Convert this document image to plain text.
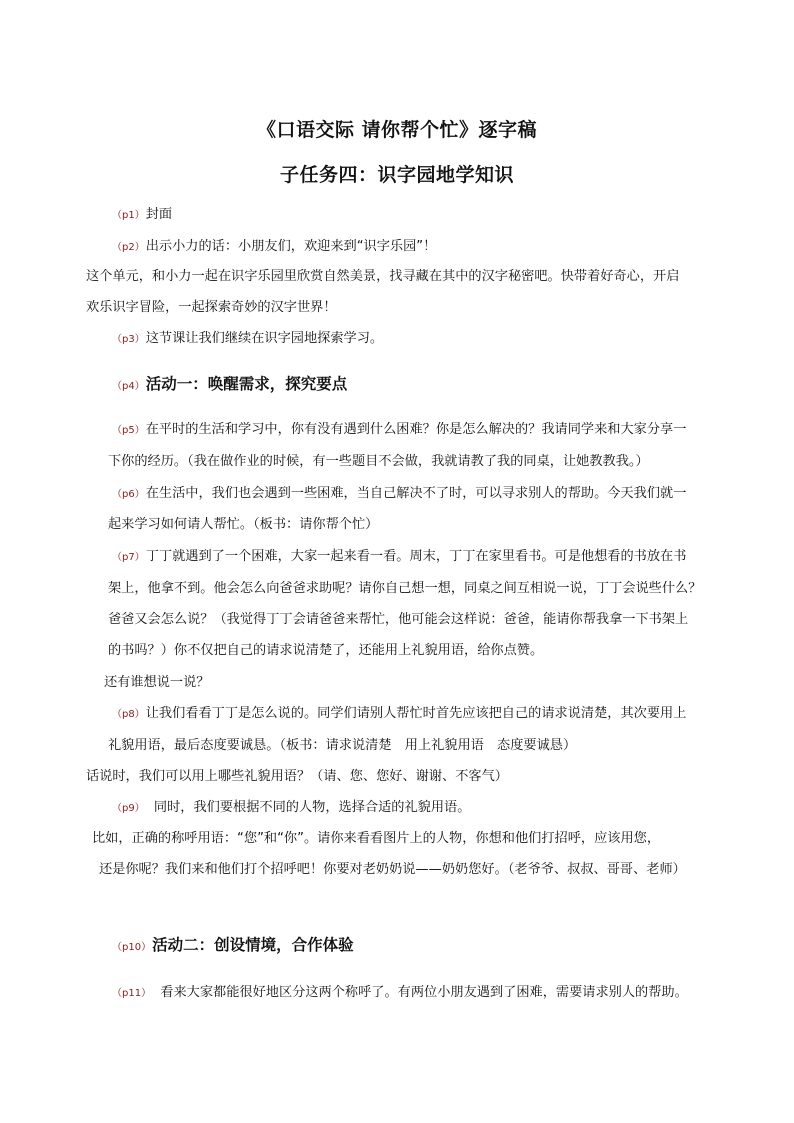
《口语交际 请你帮个忙》逐字稿
子任务四：识字园地学知识
（p1）封面
（p2）出示小力的话：小朋友们，欢迎来到“识字乐园”！
这个单元，和小力一起在识字乐园里欣赏自然美景，找寻藏在其中的汉字秘密吧。快带着好奇心，开启
欢乐识字冒险，一起探索奇妙的汉字世界！
（p3）这节课让我们继续在识字园地探索学习。
（p4）活动一：唤醒需求，探究要点
（p5）在平时的生活和学习中，你有没有遇到什么困难？你是怎么解决的？我请同学来和大家分享一
下你的经历。（我在做作业的时候，有一些题目不会做，我就请教了我的同桌，让她教教我。）
（p6）在生活中，我们也会遇到一些困难，当自己解决不了时，可以寻求别人的帮助。今天我们就一
起来学习如何请人帮忙。（板书：请你帮个忙）
（p7）丁丁就遇到了一个困难，大家一起来看一看。周末，丁丁在家里看书。可是他想看的书放在书
架上，他拿不到。他会怎么向爸爸求助呢？请你自己想一想，同桌之间互相说一说，丁丁会说些什么？
爸爸又会怎么说？（我觉得丁丁会请爸爸来帮忙，他可能会这样说：爸爸，能请你帮我拿一下书架上
的书吗？）你不仅把自己的请求说清楚了，还能用上礼貌用语，给你点赞。
还有谁想说一说？
（p8）让我们看看丁丁是怎么说的。同学们请别人帮忙时首先应该把自己的请求说清楚，其次要用上
礼貌用语，最后态度要诚恳。（板书：请求说清楚　用上礼貌用语　态度要诚恳）
话说时，我们可以用上哪些礼貌用语？（请、您、您好、谢谢、不客气）
（p9）　同时，我们要根据不同的人物，选择合适的礼貌用语。
比如，正确的称呼用语：“您”和“你”。请你来看看图片上的人物，你想和他们打招呼，应该用您，
还是你呢？我们来和他们打个招呼吧！你要对老奶奶说——奶奶您好。（老爷爷、叔叔、哥哥、老师）
（p10）活动二：创设情境，合作体验
（p11）　看来大家都能很好地区分这两个称呼了。有两位小朋友遇到了困难，需要请求别人的帮助。
